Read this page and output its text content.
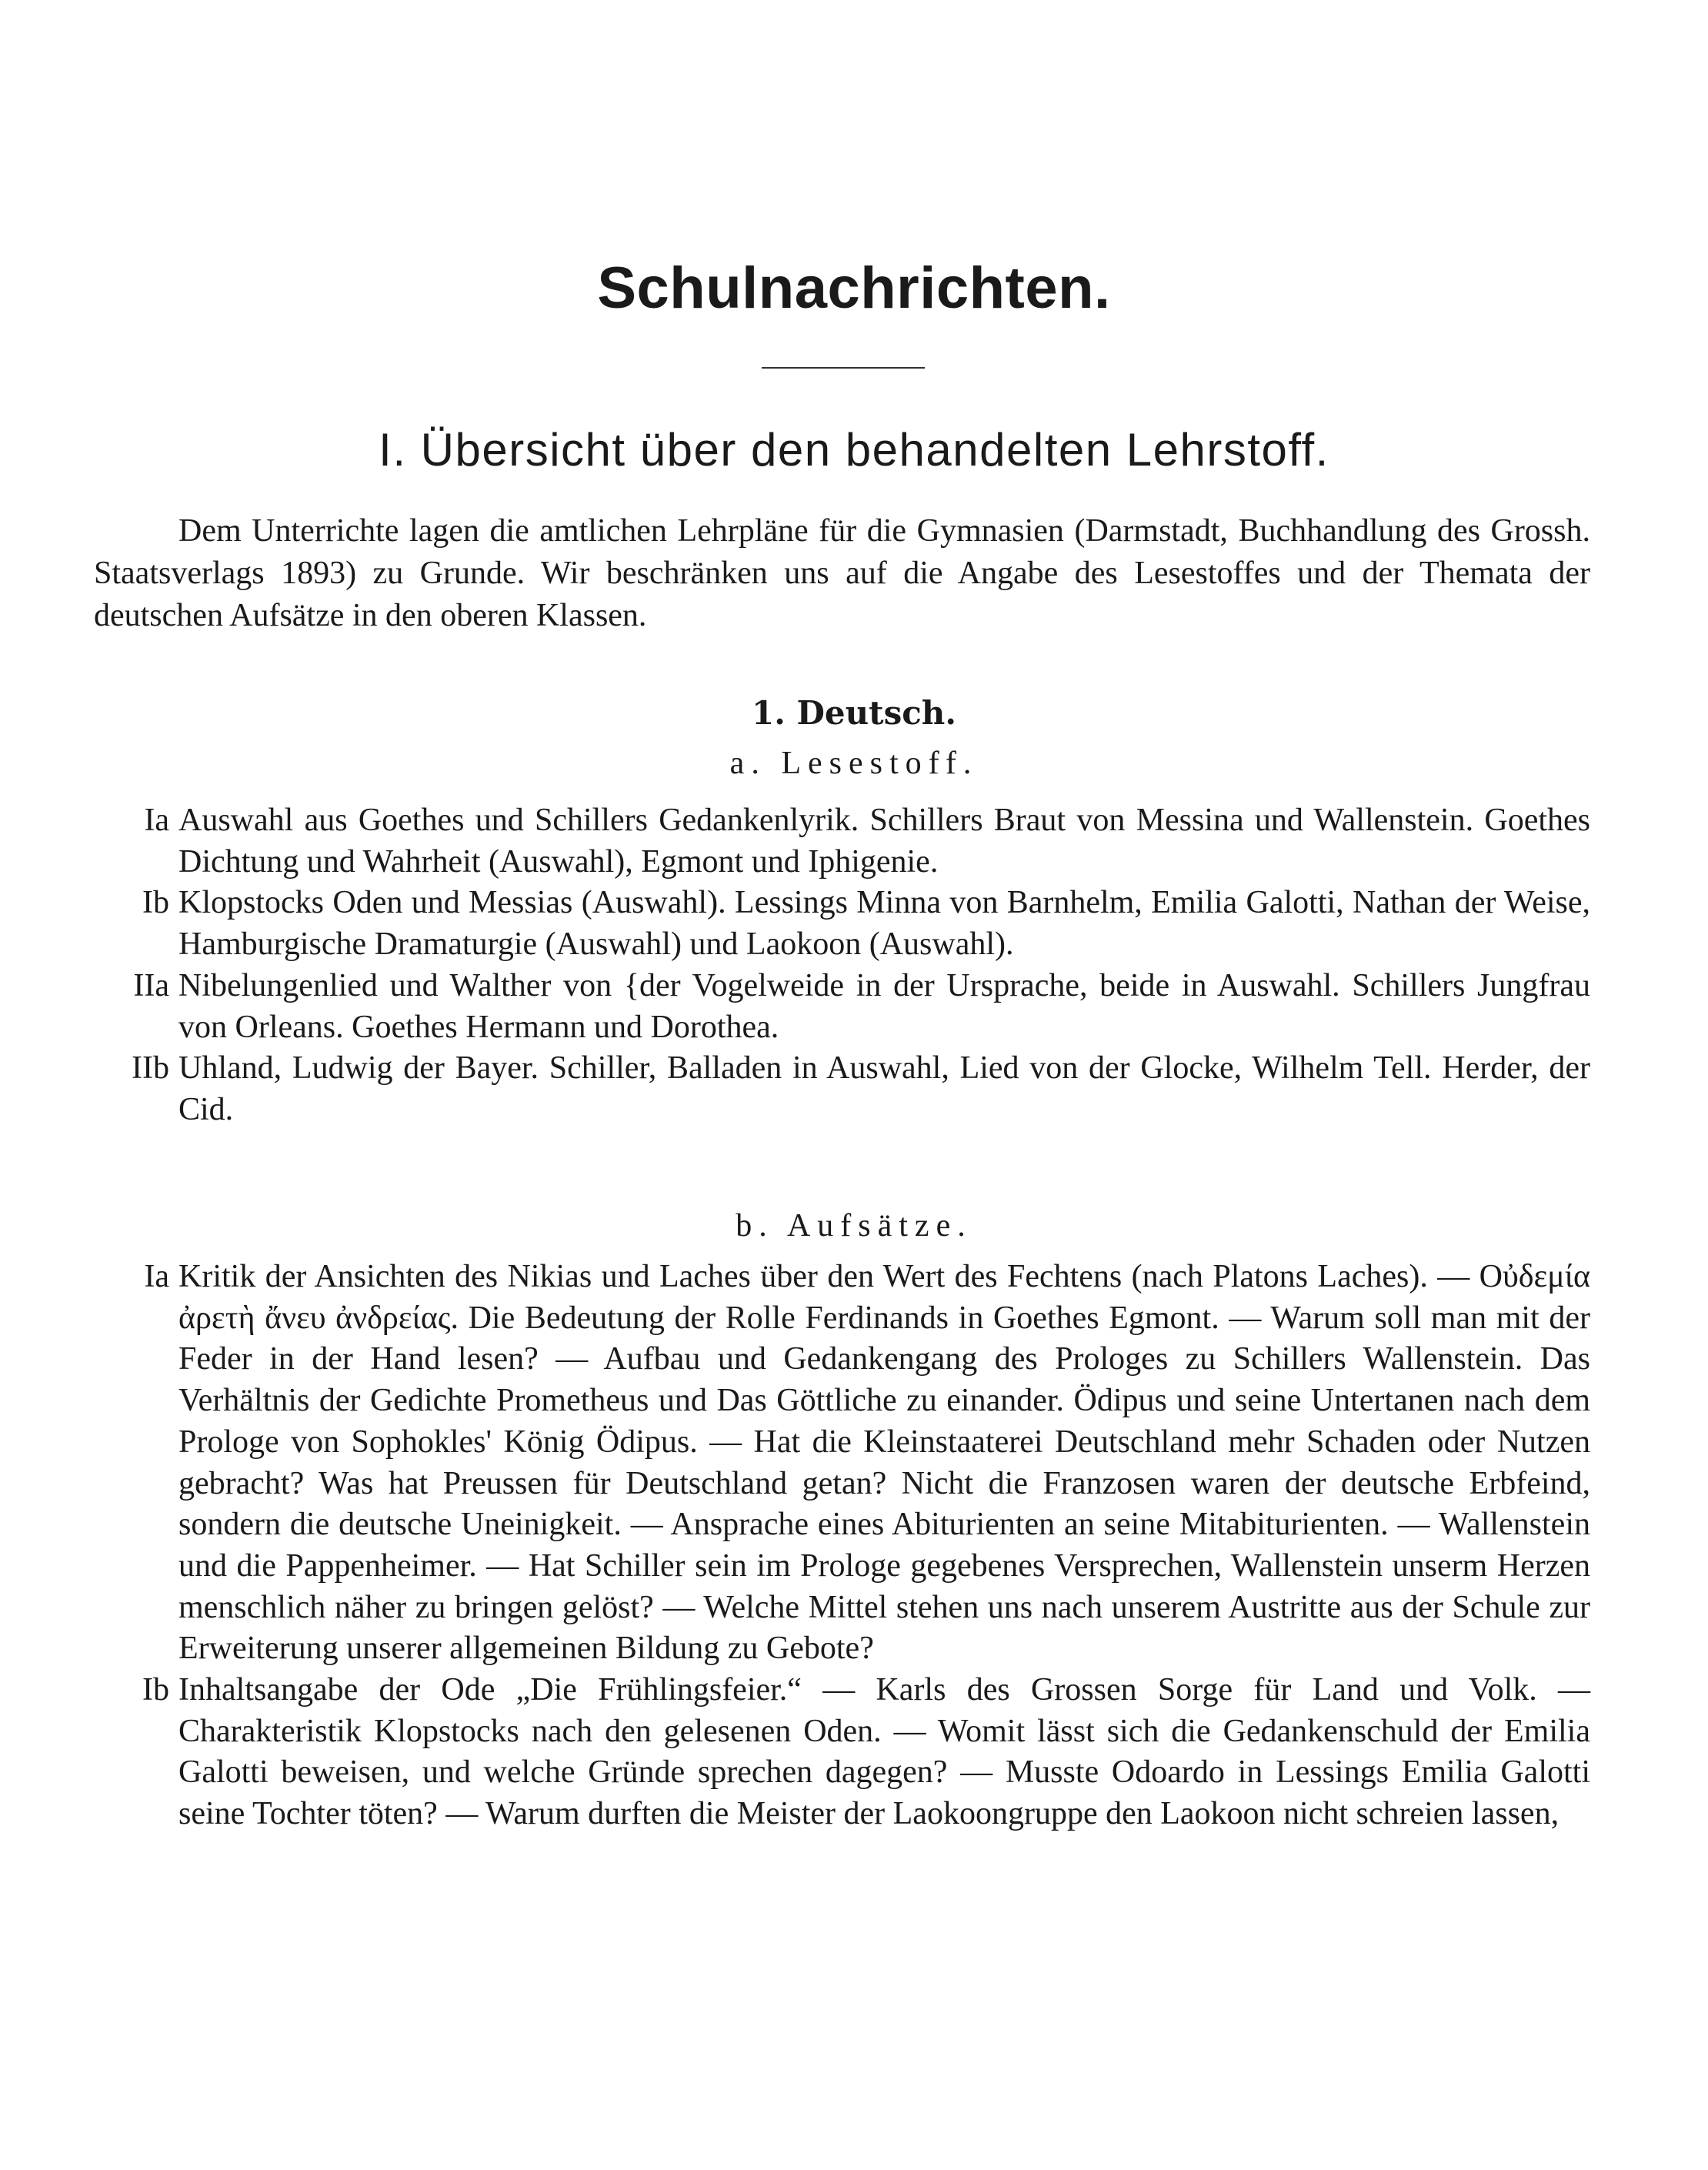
Schulnachrichten.
I. Übersicht über den behandelten Lehrstoff.

Dem Unterrichte lagen die amtlichen Lehrpläne für die Gymnasien (Darmstadt, Buchhandlung des Grossh. Staatsverlags 1893) zu Grunde. Wir beschränken uns auf die Angabe des Lesestoffes und der Themata der deutschen Aufsätze in den oberen Klassen.

1. Deutsch.
a. Lesestoff.
Ia Auswahl aus Goethes und Schillers Gedankenlyrik. Schillers Braut von Messina und Wallenstein. Goethes Dichtung und Wahrheit (Auswahl), Egmont und Iphigenie.
Ib Klopstocks Oden und Messias (Auswahl). Lessings Minna von Barnhelm, Emilia Galotti, Nathan der Weise, Hamburgische Dramaturgie (Auswahl) und Laokoon (Auswahl).
IIa Nibelungenlied und Walther von {der Vogelweide in der Ursprache, beide in Auswahl. Schillers Jungfrau von Orleans. Goethes Hermann und Dorothea.
IIb Uhland, Ludwig der Bayer. Schiller, Balladen in Auswahl, Lied von der Glocke, Wilhelm Tell. Herder, der Cid.
b. Aufsätze.
Ia Kritik der Ansichten des Nikias und Laches über den Wert des Fechtens (nach Platons Laches). — Οὐδεμία ἀρετὴ ἄνευ ἀνδρείας. Die Bedeutung der Rolle Ferdinands in Goethes Egmont. — Warum soll man mit der Feder in der Hand lesen? — Aufbau und Gedankengang des Prologes zu Schillers Wallenstein. Das Verhältnis der Gedichte Prometheus und Das Göttliche zu einander. Ödipus und seine Untertanen nach dem Prologe von Sophokles' König Ödipus. — Hat die Kleinstaaterei Deutschland mehr Schaden oder Nutzen gebracht? Was hat Preussen für Deutschland getan? Nicht die Franzosen waren der deutsche Erbfeind, sondern die deutsche Uneinigkeit. — Ansprache eines Abiturienten an seine Mitabiturienten. — Wallenstein und die Pappenheimer. — Hat Schiller sein im Prologe gegebenes Versprechen, Wallenstein unserm Herzen menschlich näher zu bringen gelöst? — Welche Mittel stehen uns nach unserem Austritte aus der Schule zur Erweiterung unserer allgemeinen Bildung zu Gebote?
Ib Inhaltsangabe der Ode „Die Frühlingsfeier.“ — Karls des Grossen Sorge für Land und Volk. — Charakteristik Klopstocks nach den gelesenen Oden. — Womit lässt sich die Gedankenschuld der Emilia Galotti beweisen, und welche Gründe sprechen dagegen? — Musste Odoardo in Lessings Emilia Galotti seine Tochter töten? — Warum durften die Meister der Laokoongruppe den Laokoon nicht schreien lassen,
